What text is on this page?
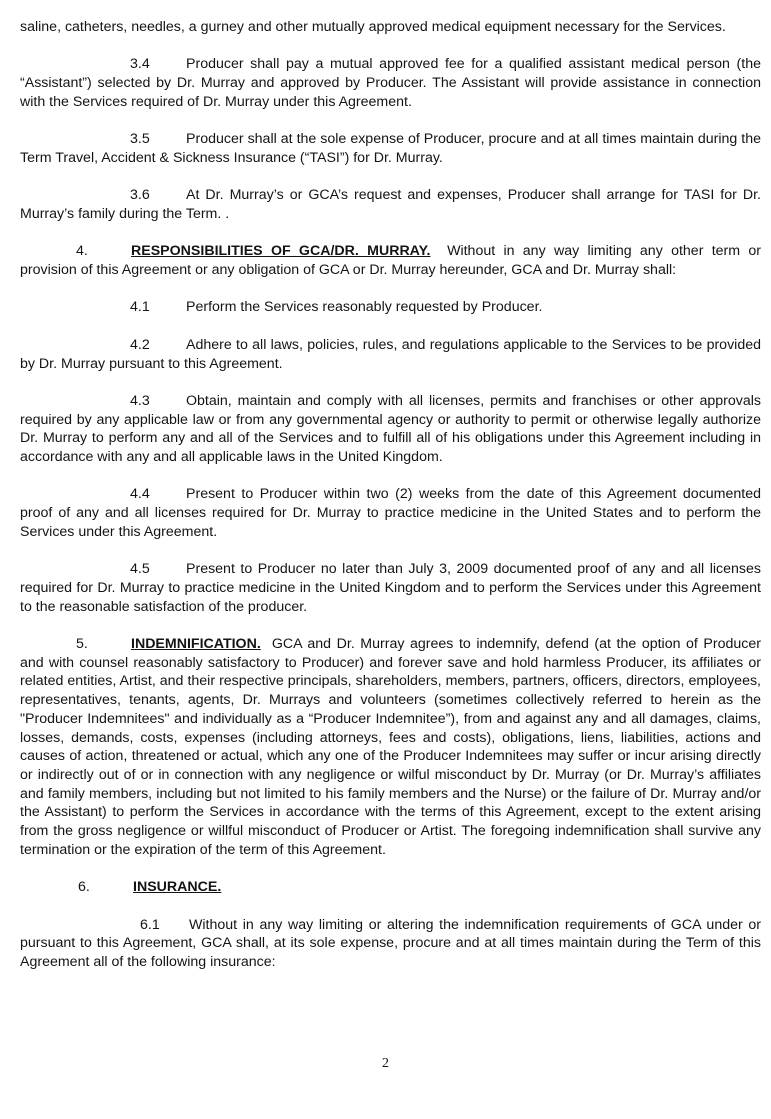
saline, catheters, needles, a gurney and other mutually approved medical equipment necessary for the Services.

3.4	Producer shall pay a mutual approved fee for a qualified assistant medical person (the “Assistant”) selected by Dr. Murray and approved by Producer. The Assistant will provide assistance in connection with the Services required of Dr. Murray under this Agreement.

3.5	Producer shall at the sole expense of Producer, procure and at all times maintain during the Term Travel, Accident & Sickness Insurance (“TASI”) for Dr. Murray.

3.6	At Dr. Murray’s or GCA’s request and expenses, Producer shall arrange for TASI for Dr. Murray’s family during the Term. .

4.	RESPONSIBILITIES OF GCA/DR. MURRAY. Without in any way limiting any other term or provision of this Agreement or any obligation of GCA or Dr. Murray hereunder, GCA and Dr. Murray shall:

4.1	Perform the Services reasonably requested by Producer.

4.2	Adhere to all laws, policies, rules, and regulations applicable to the Services to be provided by Dr. Murray pursuant to this Agreement.

4.3	Obtain, maintain and comply with all licenses, permits and franchises or other approvals required by any applicable law or from any governmental agency or authority to permit or otherwise legally authorize Dr. Murray to perform any and all of the Services and to fulfill all of his obligations under this Agreement including in accordance with any and all applicable laws in the United Kingdom.

4.4	Present to Producer within two (2) weeks from the date of this Agreement documented proof of any and all licenses required for Dr. Murray to practice medicine in the United States and to perform the Services under this Agreement.

4.5	Present to Producer no later than July 3, 2009 documented proof of any and all licenses required for Dr. Murray to practice medicine in the United Kingdom and to perform the Services under this Agreement to the reasonable satisfaction of the producer.

5.	INDEMNIFICATION. GCA and Dr. Murray agrees to indemnify, defend (at the option of Producer and with counsel reasonably satisfactory to Producer) and forever save and hold harmless Producer, its affiliates or related entities, Artist, and their respective principals, shareholders, members, partners, officers, directors, employees, representatives, tenants, agents, Dr. Murrays and volunteers (sometimes collectively referred to herein as the "Producer Indemnitees" and individually as a “Producer Indemnitee”), from and against any and all damages, claims, losses, demands, costs, expenses (including attorneys, fees and costs), obligations, liens, liabilities, actions and causes of action, threatened or actual, which any one of the Producer Indemnitees may suffer or incur arising directly or indirectly out of or in connection with any negligence or wilful misconduct by Dr. Murray (or Dr. Murray’s affiliates and family members, including but not limited to his family members and the Nurse) or the failure of Dr. Murray and/or the Assistant) to perform the Services in accordance with the terms of this Agreement, except to the extent arising from the gross negligence or willful misconduct of Producer or Artist. The foregoing indemnification shall survive any termination or the expiration of the term of this Agreement.

6.	INSURANCE.

6.1 Without in any way limiting or altering the indemnification requirements of GCA under or pursuant to this Agreement, GCA shall, at its sole expense, procure and at all times maintain during the Term of this Agreement all of the following insurance:

2
